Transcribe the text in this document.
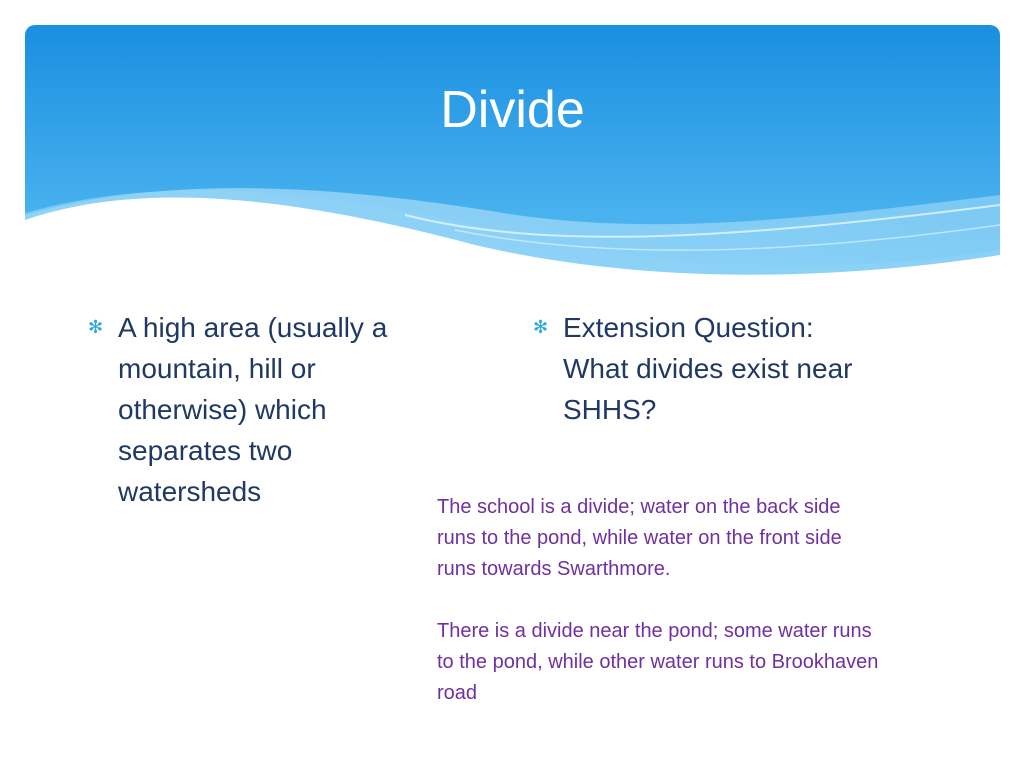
Divide
✻ A high area (usually a
mountain, hill or
otherwise) which
separates two
watersheds
✻ Extension Question:
What divides exist near
SHHS?

The school is a divide; water on the back side

runs to the pond, while water on the front side

runs towards Swarthmore.

There is a divide near the pond; some water runs

to the pond, while other water runs to Brookhaven

road
